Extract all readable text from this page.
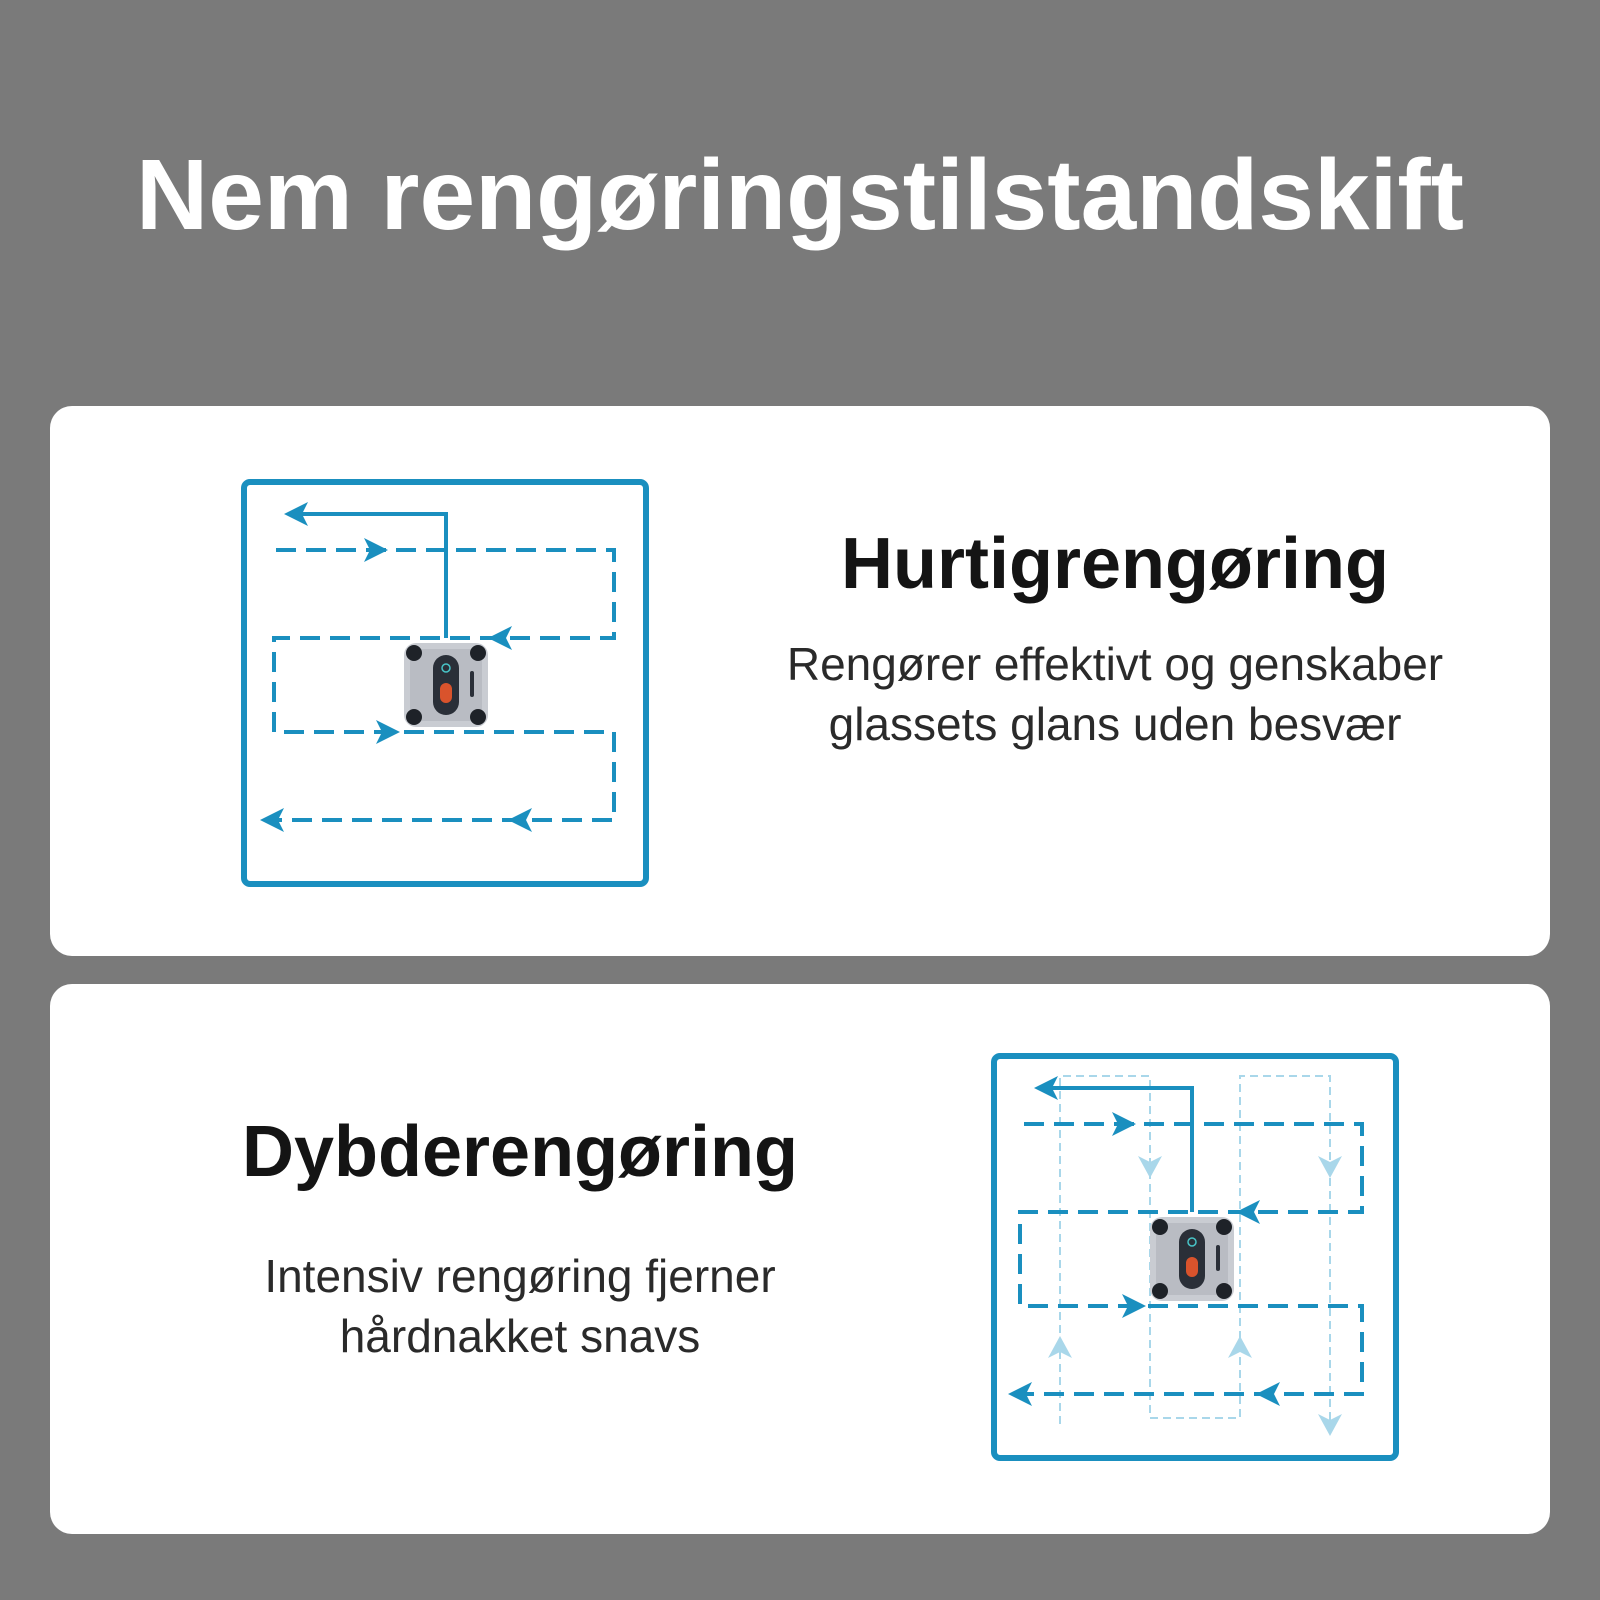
Nem rengøringstilstandskift
Hurtigrengøring

Rengører effektivt og genskaber
glassets glans uden besvær

Dybderengøring

Intensiv rengøring fjerner
hårdnakket snavs
